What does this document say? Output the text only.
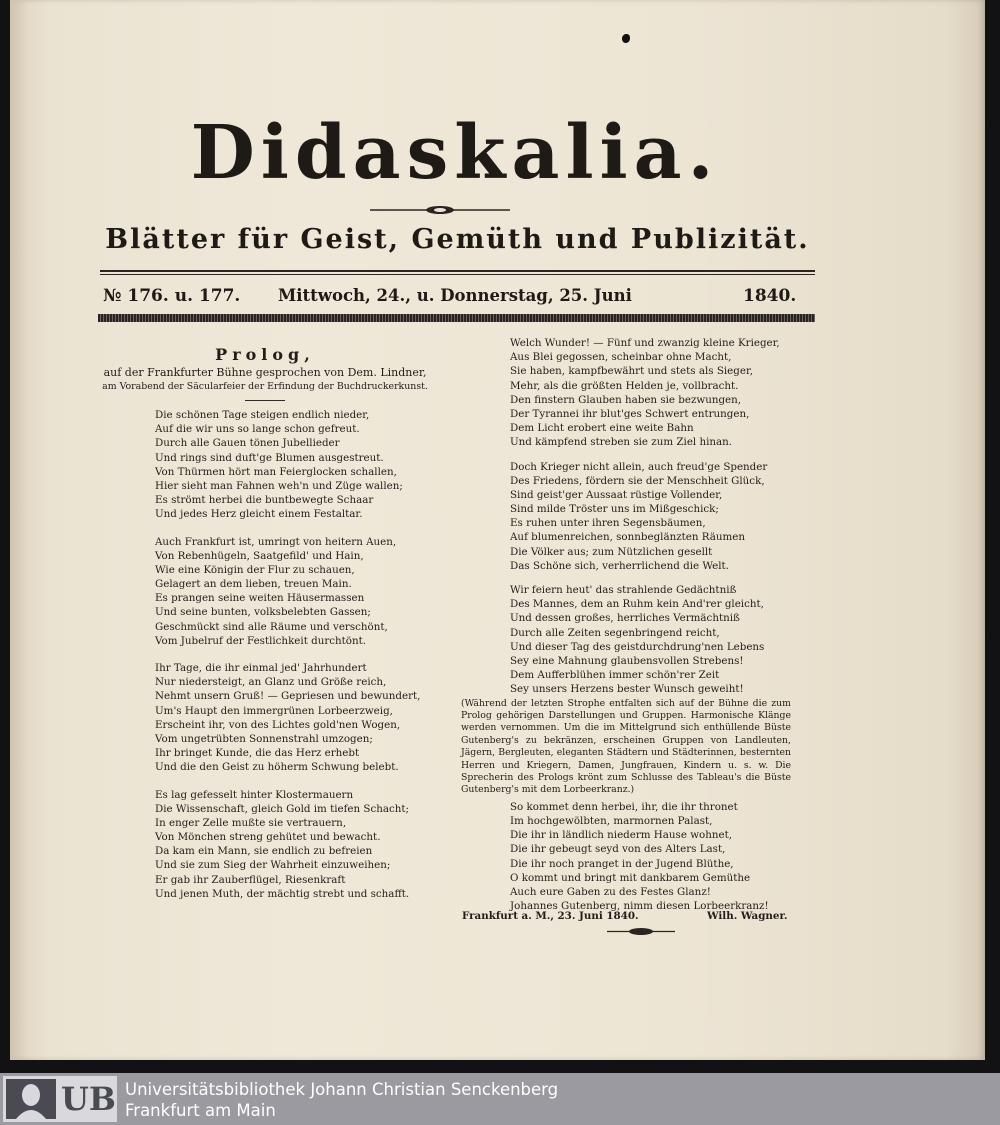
Didaskalia.
Blätter für Geist, Gemüth und Publizität.
№ 176. u. 177. Mittwoch, 24., u. Donnerstag, 25. Juni	1840.
Prolog,
auf der Frankfurter Bühne gesprochen von Dem. Lindner,
am Vorabend der Säcularfeier der Erfindung der Buchdruckerkunst.
Die schönen Tage steigen endlich nieder,
Auf die wir uns so lange schon gefreut.
Durch alle Gauen tönen Jubellieder
Und rings sind duft'ge Blumen ausgestreut.
Von Thürmen hört man Feierglocken schallen,
Hier sieht man Fahnen weh'n und Züge wallen;
Es strömt herbei die buntbewegte Schaar
Und jedes Herz gleicht einem Festaltar.
Auch Frankfurt ist, umringt von heitern Auen,
Von Rebenhügeln, Saatgefild' und Hain,
Wie eine Königin der Flur zu schauen,
Gelagert an dem lieben, treuen Main.
Es prangen seine weiten Häusermassen
Und seine bunten, volksbelebten Gassen;
Geschmückt sind alle Räume und verschönt,
Vom Jubelruf der Festlichkeit durchtönt.
Ihr Tage, die ihr einmal jed' Jahrhundert
Nur niedersteigt, an Glanz und Größe reich,
Nehmt unsern Gruß! — Gepriesen und bewundert,
Um's Haupt den immergrünen Lorbeerzweig,
Erscheint ihr, von des Lichtes gold'nen Wogen,
Vom ungetrübten Sonnenstrahl umzogen;
Ihr bringet Kunde, die das Herz erhebt
Und die den Geist zu höherm Schwung belebt.
Es lag gefesselt hinter Klostermauern
Die Wissenschaft, gleich Gold im tiefen Schacht;
In enger Zelle mußte sie vertrauern,
Von Mönchen streng gehütet und bewacht.
Da kam ein Mann, sie endlich zu befreien
Und sie zum Sieg der Wahrheit einzuweihen;
Er gab ihr Zauberflügel, Riesenkraft
Und jenen Muth, der mächtig strebt und schafft.
Welch Wunder! — Fünf und zwanzig kleine Krieger,
Aus Blei gegossen, scheinbar ohne Macht,
Sie haben, kampfbewährt und stets als Sieger,
Mehr, als die größten Helden je, vollbracht.
Den finstern Glauben haben sie bezwungen,
Der Tyrannei ihr blut'ges Schwert entrungen,
Dem Licht erobert eine weite Bahn
Und kämpfend streben sie zum Ziel hinan.
Doch Krieger nicht allein, auch freud'ge Spender
Des Friedens, fördern sie der Menschheit Glück,
Sind geist'ger Aussaat rüstige Vollender,
Sind milde Tröster uns im Mißgeschick;
Es ruhen unter ihren Segensbäumen,
Auf blumenreichen, sonnbeglänzten Räumen
Die Völker aus; zum Nützlichen gesellt
Das Schöne sich, verherrlichend die Welt.
Wir feiern heut' das strahlende Gedächtniß
Des Mannes, dem an Ruhm kein And'rer gleicht,
Und dessen großes, herrliches Vermächtniß
Durch alle Zeiten segenbringend reicht,
Und dieser Tag des geistdurchdrung'nen Lebens
Sey eine Mahnung glaubensvollen Strebens!
Dem Aufferblühen immer schön'rer Zeit
Sey unsers Herzens bester Wunsch geweiht!
(Während der letzten Strophe entfalten sich auf der Bühne die zum Prolog gehörigen Darstellungen und Gruppen. Harmonische Klänge werden vernommen. Um die im Mittelgrund sich enthüllende Büste Gutenberg's zu bekränzen, erscheinen Gruppen von Landleuten, Jägern, Bergleuten, eleganten Städtern und Städterinnen, besternten Herren und Kriegern, Damen, Jungfrauen, Kindern u. s. w. Die Sprecherin des Prologs krönt zum Schlusse des Tableau's die Büste Gutenberg's mit dem Lorbeerkranz.)
So kommet denn herbei, ihr, die ihr thronet
Im hochgewölbten, marmornen Palast,
Die ihr in ländlich niederm Hause wohnet,
Die ihr gebeugt seyd von des Alters Last,
Die ihr noch pranget in der Jugend Blüthe,
O kommt und bringt mit dankbarem Gemüthe
Auch eure Gaben zu des Festes Glanz!
Johannes Gutenberg, nimm diesen Lorbeerkranz!
Frankfurt a. M., 23. Juni 1840.	Wilh. Wagner.
UB Universitätsbibliothek Johann Christian Senckenberg
Frankfurt am Main
